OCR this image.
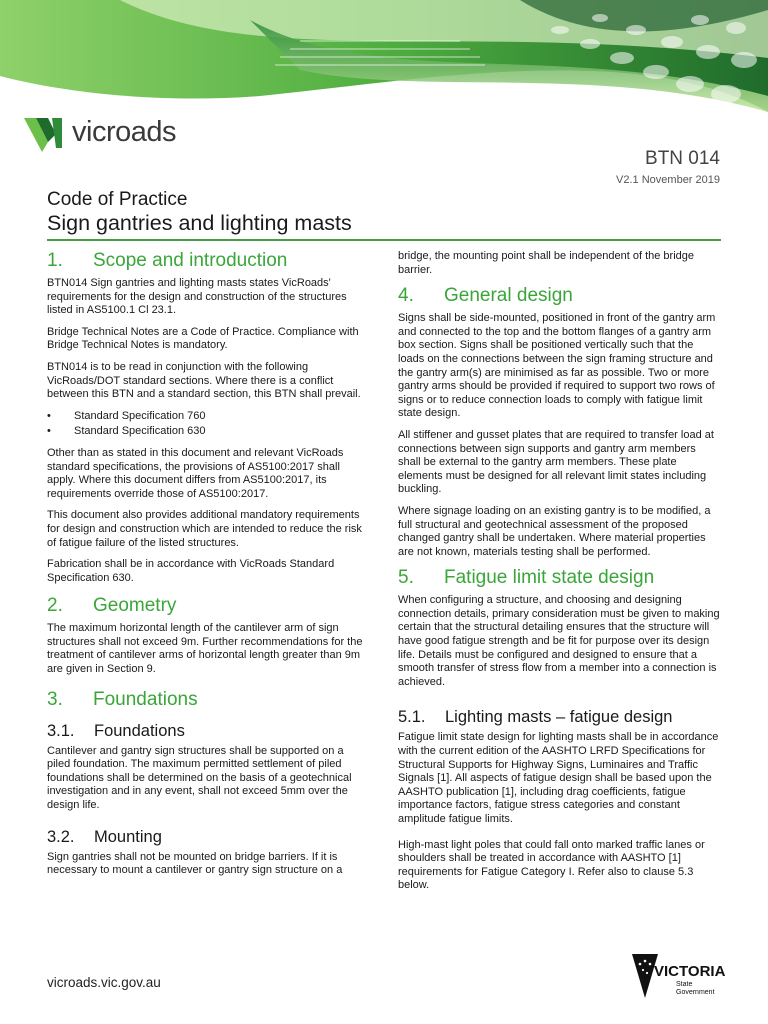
vicroads
BTN 014
V2.1 November 2019
Code of Practice
Sign gantries and lighting masts
1. Scope and introduction

BTN014 Sign gantries and lighting masts states VicRoads' requirements for the design and construction of the structures listed in AS5100.1 Cl 23.1.

Bridge Technical Notes are a Code of Practice. Compliance with Bridge Technical Notes is mandatory.

BTN014 is to be read in conjunction with the following VicRoads/DOT standard sections. Where there is a conflict between this BTN and a standard section, this BTN shall prevail.

• Standard Specification 760
• Standard Specification 630

Other than as stated in this document and relevant VicRoads standard specifications, the provisions of AS5100:2017 shall apply. Where this document differs from AS5100:2017, its requirements override those of AS5100:2017.

This document also provides additional mandatory requirements for design and construction which are intended to reduce the risk of fatigue failure of the listed structures.

Fabrication shall be in accordance with VicRoads Standard Specification 630.

2. Geometry

The maximum horizontal length of the cantilever arm of sign structures shall not exceed 9m. Further recommendations for the treatment of cantilever arms of horizontal length greater than 9m are given in Section 9.

3. Foundations
3.1. Foundations

Cantilever and gantry sign structures shall be supported on a piled foundation. The maximum permitted settlement of piled foundations shall be determined on the basis of a geotechnical investigation and in any event, shall not exceed 5mm over the design life.

3.2. Mounting

Sign gantries shall not be mounted on bridge barriers. If it is necessary to mount a cantilever or gantry sign structure on a

bridge, the mounting point shall be independent of the bridge barrier.

4. General design

Signs shall be side-mounted, positioned in front of the gantry arm and connected to the top and the bottom flanges of a gantry arm box section. Signs shall be positioned vertically such that the loads on the connections between the sign framing structure and the gantry arm(s) are minimised as far as possible. Two or more gantry arms should be provided if required to support two rows of signs or to reduce connection loads to comply with fatigue limit state design.

All stiffener and gusset plates that are required to transfer load at connections between sign supports and gantry arm members shall be external to the gantry arm members. These plate elements must be designed for all relevant limit states including buckling.

Where signage loading on an existing gantry is to be modified, a full structural and geotechnical assessment of the proposed changed gantry shall be undertaken. Where material properties are not known, materials testing shall be performed.

5. Fatigue limit state design

When configuring a structure, and choosing and designing connection details, primary consideration must be given to making certain that the structural detailing ensures that the structure will have good fatigue strength and be fit for purpose over its design life. Details must be configured and designed to ensure that a smooth transfer of stress flow from a member into a connection is achieved.

5.1. Lighting masts – fatigue design

Fatigue limit state design for lighting masts shall be in accordance with the current edition of the AASHTO LRFD Specifications for Structural Supports for Highway Signs, Luminaires and Traffic Signals [1]. All aspects of fatigue design shall be based upon the AASHTO publication [1], including drag coefficients, fatigue importance factors, fatigue stress categories and constant amplitude fatigue limits.

High-mast light poles that could fall onto marked traffic lanes or shoulders shall be treated in accordance with AASHTO [1] requirements for Fatigue Category I. Refer also to clause 5.3 below.

vicroads.vic.gov.au
VICTORIA
State
Government
